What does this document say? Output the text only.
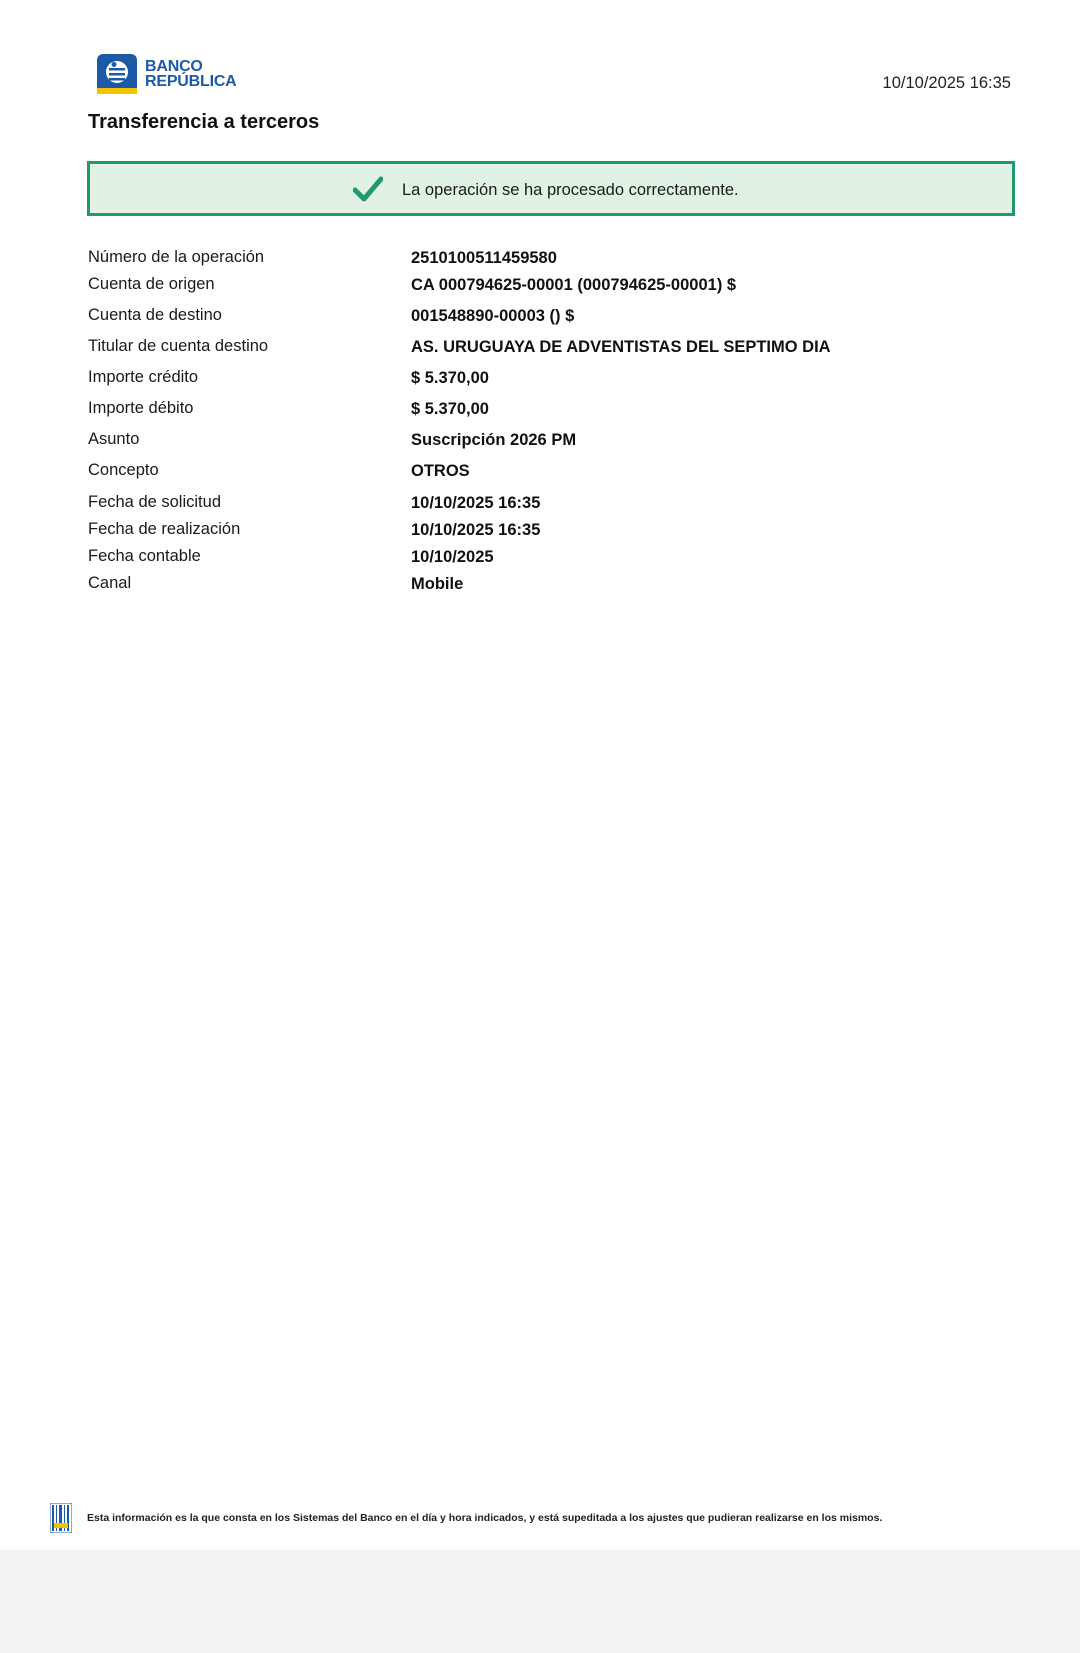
BANCO
REPÚBLICA	10/10/2025 16:35
Transferencia a terceros
La operación se ha procesado correctamente.
Número de la operación	2510100511459580
Cuenta de origen	CA 000794625-00001 (000794625-00001) $
Cuenta de destino	001548890-00003 () $
Titular de cuenta destino	AS. URUGUAYA DE ADVENTISTAS DEL SEPTIMO DIA
Importe crédito	$ 5.370,00
Importe débito	$ 5.370,00
Asunto	Suscripción 2026 PM
Concepto	OTROS
Fecha de solicitud	10/10/2025 16:35
Fecha de realización	10/10/2025 16:35
Fecha contable	10/10/2025
Canal	Mobile
Esta información es la que consta en los Sistemas del Banco en el día y hora indicados, y está supeditada a los ajustes que pudieran realizarse en los mismos.
